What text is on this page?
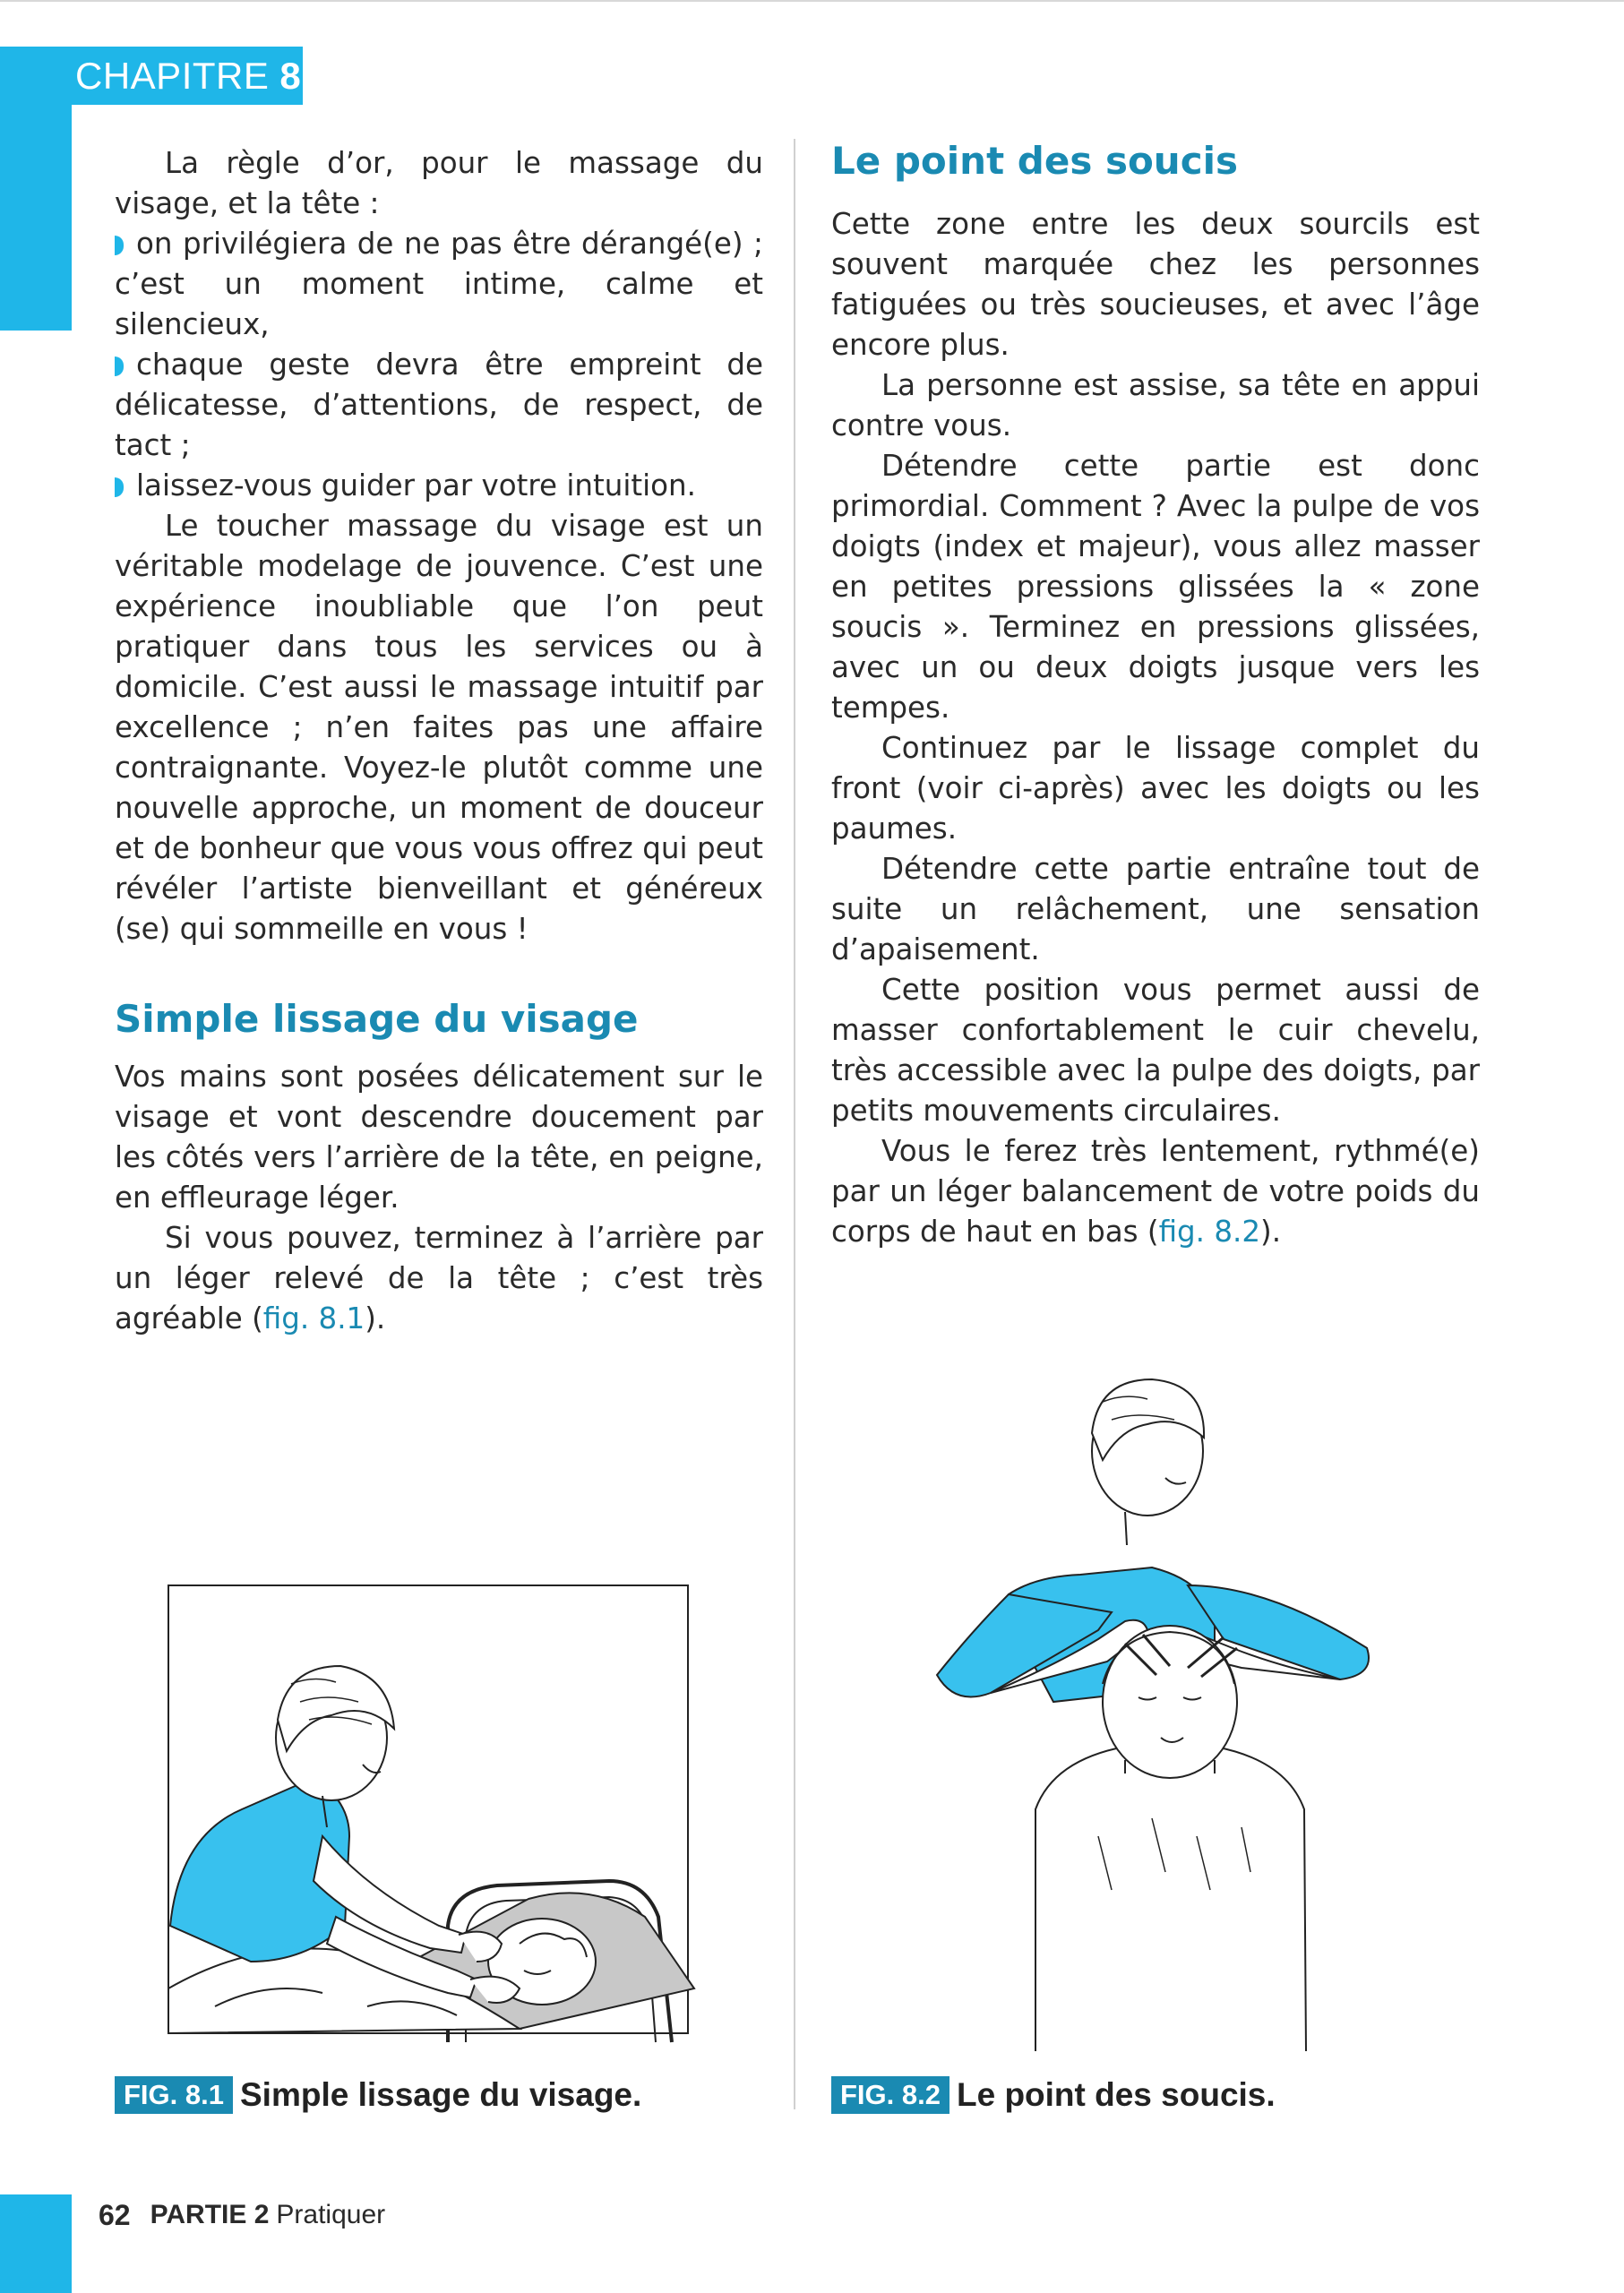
CHAPITRE 8

La règle d’or, pour le massage du visage, et la tête :

on privilégiera de ne pas être dérangé(e) ; c’est un moment intime, calme et silencieux,

chaque geste devra être empreint de délicatesse, d’attentions, de respect, de tact ;

laissez-vous guider par votre intuition.

Le toucher massage du visage est un véritable modelage de jouvence. C’est une expérience inoubliable que l’on peut pratiquer dans tous les services ou à domicile. C’est aussi le massage intuitif par excellence ; n’en faites pas une affaire contraignante. Voyez-le plutôt comme une nouvelle approche, un moment de douceur et de bonheur que vous vous offrez qui peut révéler l’artiste bienveillant et généreux (se) qui sommeille en vous !

Simple lissage du visage

Vos mains sont posées délicatement sur le visage et vont descendre doucement par les côtés vers l’arrière de la tête, en peigne, en effleurage léger.

Si vous pouvez, terminez à l’arrière par un léger relevé de la tête ; c’est très agréable (fig. 8.1).

Le point des soucis

Cette zone entre les deux sourcils est souvent marquée chez les personnes fatiguées ou très soucieuses, et avec l’âge encore plus.

La personne est assise, sa tête en appui contre vous.

Détendre cette partie est donc primordial. Comment ? Avec la pulpe de vos doigts (index et majeur), vous allez masser en petites pressions glissées la « zone soucis ». Terminez en pressions glissées, avec un ou deux doigts jusque vers les tempes.

Continuez par le lissage complet du front (voir ci-après) avec les doigts ou les paumes.

Détendre cette partie entraîne tout de suite un relâchement, une sensation d’apaisement.

Cette position vous permet aussi de masser confortablement le cuir chevelu, très accessible avec la pulpe des doigts, par petits mouvements circulaires.

Vous le ferez très lentement, rythmé(e) par un léger balancement de votre poids du corps de haut en bas (fig. 8.2).

FIG. 8.1 Simple lissage du visage.	FIG. 8.2 Le point des soucis.
62 PARTIE 2 Pratiquer
